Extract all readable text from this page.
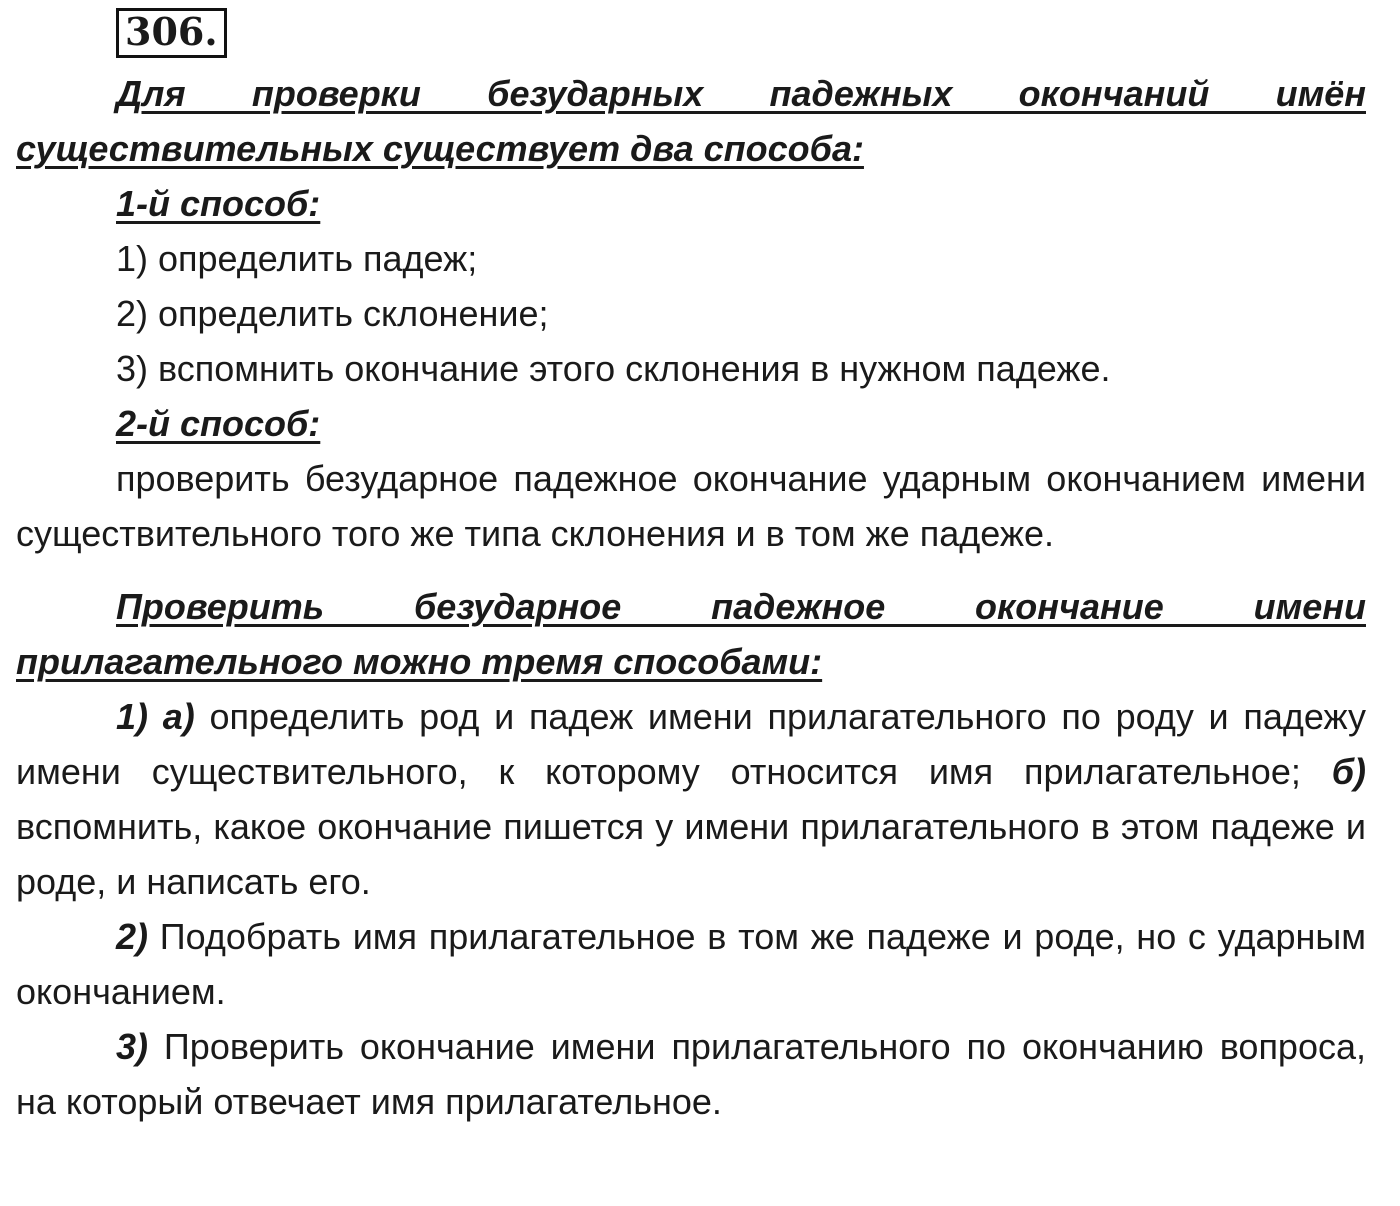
306.

Для проверки безударных падежных окончаний имён существительных существует два способа:

1-й способ:

1) определить падеж;

2) определить склонение;

3) вспомнить окончание этого склонения в нужном падеже.

2-й способ:

проверить безударное падежное окончание ударным окончанием имени существительного того же типа склонения и в том же падеже.

Проверить безударное падежное окончание имени прилагательного можно тремя способами:

1) а) определить род и падеж имени прилагательного по роду и падежу имени существительного, к которому относится имя прилагательное; б) вспомнить, какое окончание пишется у имени прилагательного в этом падеже и роде, и написать его.

2) Подобрать имя прилагательное в том же падеже и роде, но с ударным окончанием.

3) Проверить окончание имени прилагательного по окончанию вопроса, на который отвечает имя прилагательное.
